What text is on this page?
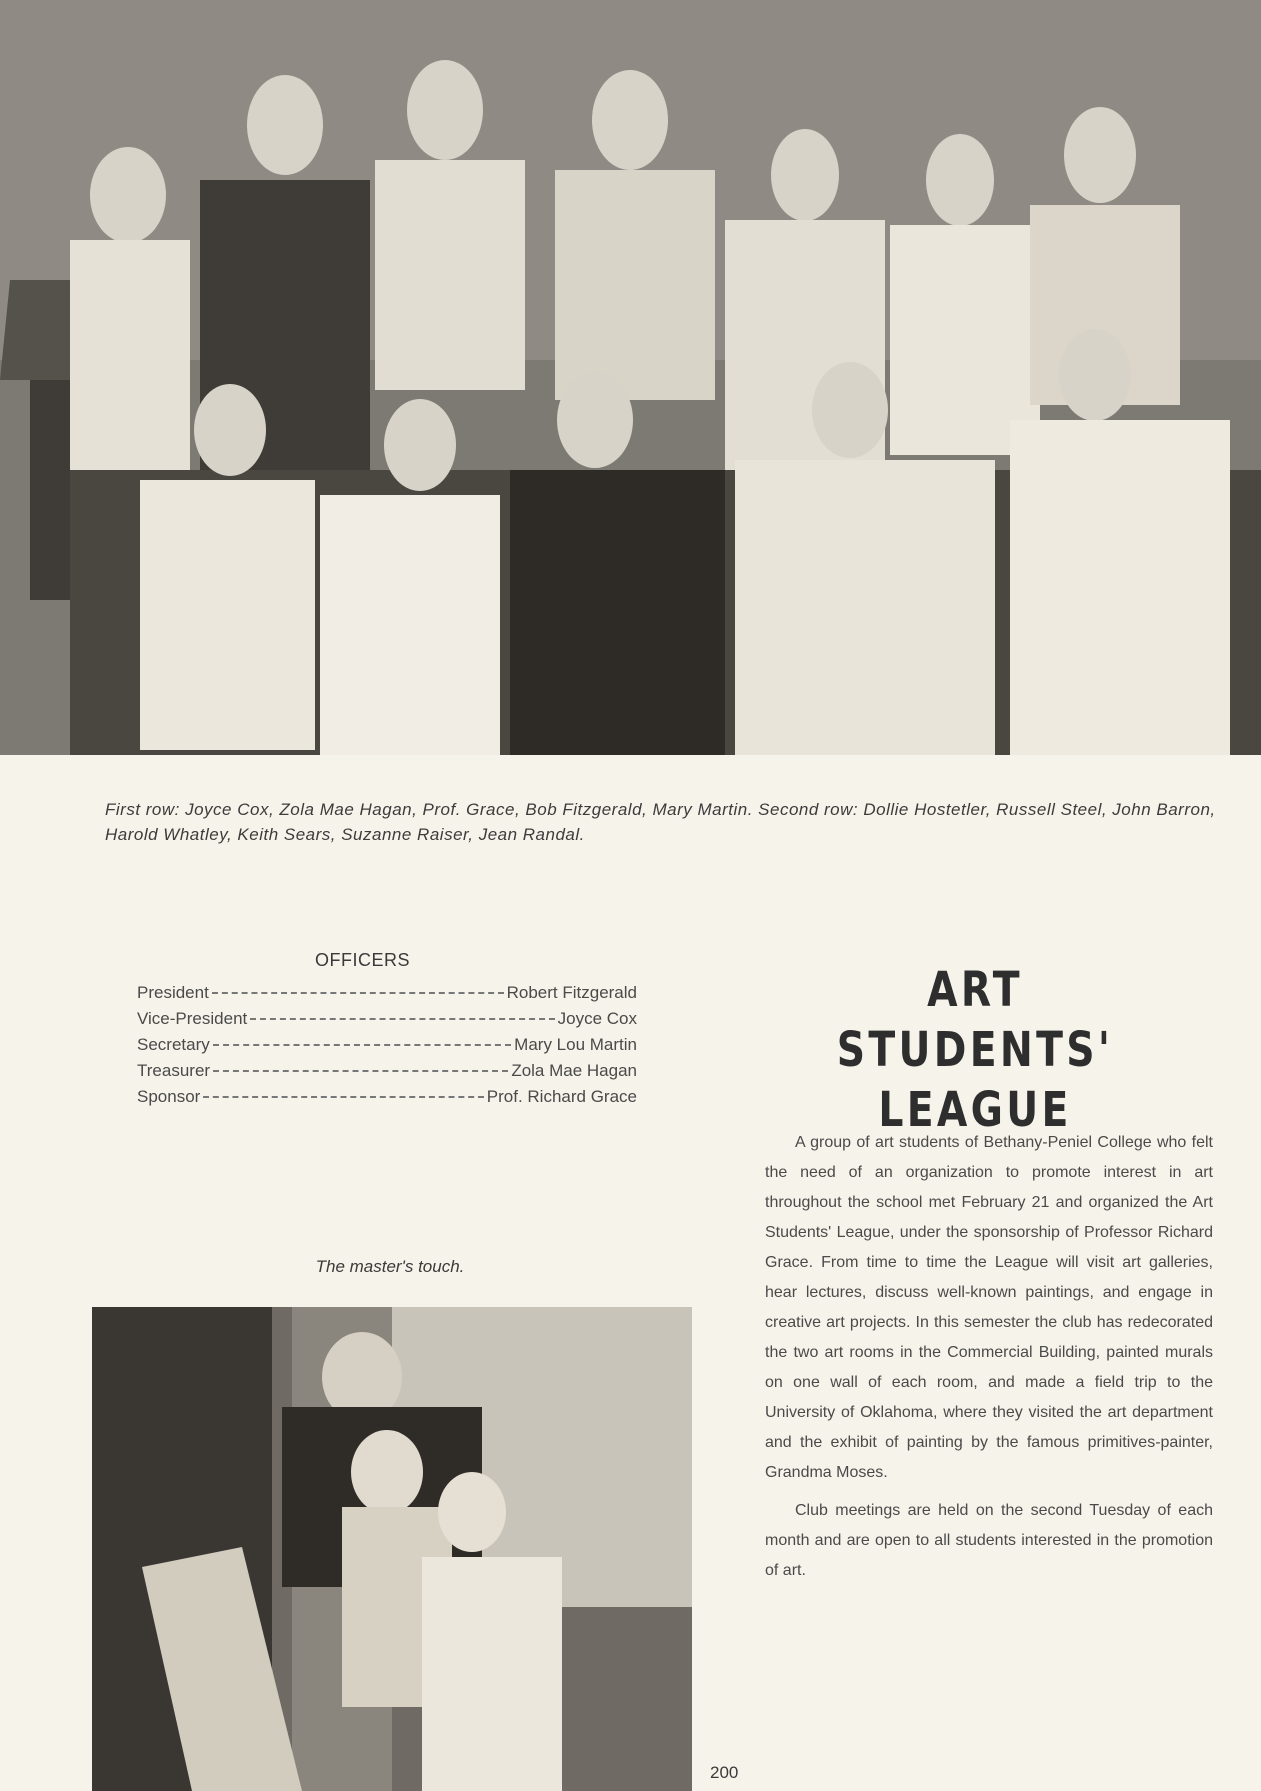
First row: Joyce Cox, Zola Mae Hagan, Prof. Grace, Bob Fitzgerald, Mary Martin. Second row: Dollie Hostetler, Russell Steel, John Barron, Harold Whatley, Keith Sears, Suzanne Raiser, Jean Randal.
OFFICERS
President	Robert Fitzgerald
Vice-President	Joyce Cox
Secretary	Mary Lou Martin
Treasurer	Zola Mae Hagan
Sponsor	Prof. Richard Grace
ART STUDENTS'
LEAGUE

A group of art students of Bethany-Peniel College who felt the need of an organization to promote interest in art throughout the school met February 21 and organized the Art Students' League, under the sponsorship of Professor Richard Grace. From time to time the League will visit art galleries, hear lectures, discuss well-known paintings, and engage in creative art projects. In this semester the club has redecorated the two art rooms in the Commercial Building, painted murals on one wall of each room, and made a field trip to the University of Oklahoma, where they visited the art department and the exhibit of painting by the famous primitives-painter, Grandma Moses.

Club meetings are held on the second Tuesday of each month and are open to all students interested in the promotion of art.

The master's touch.
200
